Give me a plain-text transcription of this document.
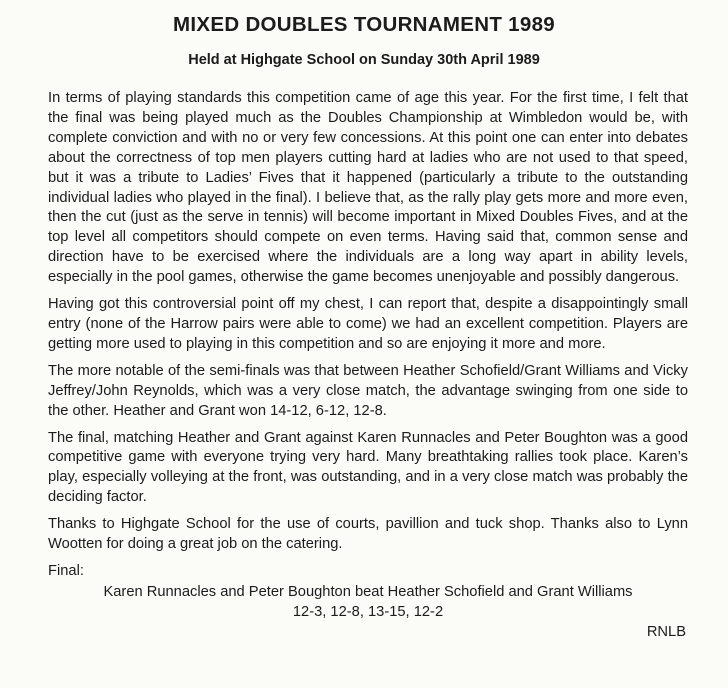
MIXED DOUBLES TOURNAMENT 1989
Held at Highgate School on Sunday 30th April 1989

In terms of playing standards this competition came of age this year. For the first time, I felt that the final was being played much as the Doubles Championship at Wimbledon would be, with complete conviction and with no or very few concessions. At this point one can enter into debates about the correctness of top men players cutting hard at ladies who are not used to that speed, but it was a tribute to Ladies’ Fives that it happened (particularly a tribute to the outstanding individual ladies who played in the final). I believe that, as the rally play gets more and more even, then the cut (just as the serve in tennis) will become important in Mixed Doubles Fives, and at the top level all competitors should compete on even terms. Having said that, common sense and direction have to be exercised where the individuals are a long way apart in ability levels, especially in the pool games, otherwise the game becomes unenjoyable and possibly dangerous.

Having got this controversial point off my chest, I can report that, despite a disappointingly small entry (none of the Harrow pairs were able to come) we had an excellent competition. Players are getting more used to playing in this competition and so are enjoying it more and more.

The more notable of the semi-finals was that between Heather Schofield/Grant Williams and Vicky Jeffrey/John Reynolds, which was a very close match, the advantage swinging from one side to the other. Heather and Grant won 14-12, 6-12, 12-8.

The final, matching Heather and Grant against Karen Runnacles and Peter Boughton was a good competitive game with everyone trying very hard. Many breathtaking rallies took place. Karen’s play, especially volleying at the front, was outstanding, and in a very close match was probably the deciding factor.

Thanks to Highgate School for the use of courts, pavillion and tuck shop. Thanks also to Lynn Wootten for doing a great job on the catering.

Final:

Karen Runnacles and Peter Boughton beat Heather Schofield and Grant Williams

12-3, 12-8, 13-15, 12-2

RNLB
